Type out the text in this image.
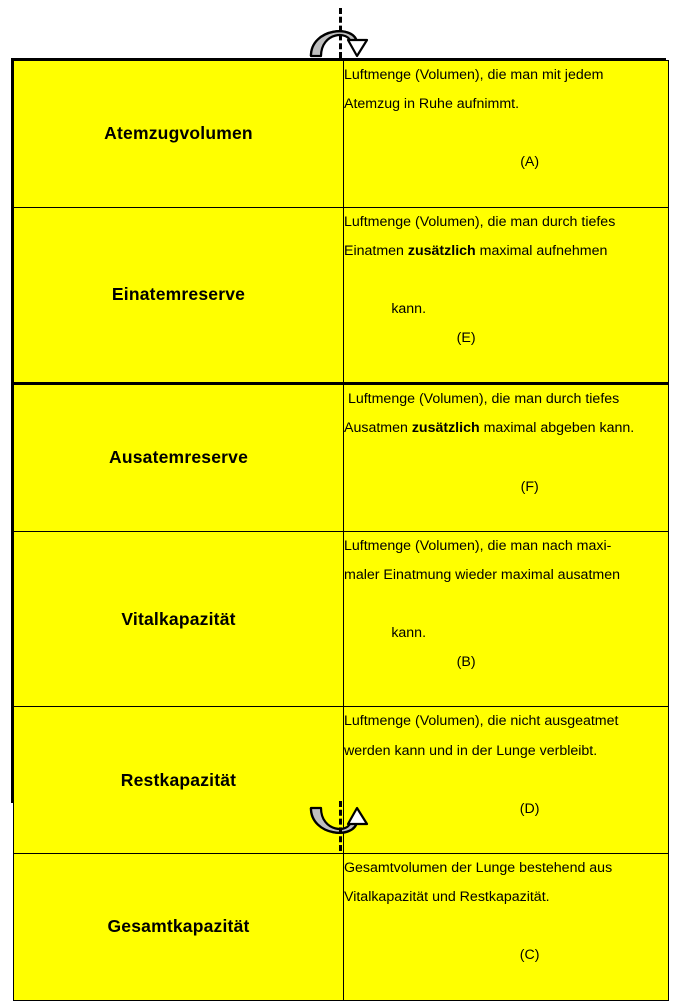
Atemzugvolumen	Luftmenge (Volumen), die man mit jedem
Atemzug in Ruhe aufnimmt.

(A)

Einatemreserve	Luftmenge (Volumen), die man durch tiefes
Einatmen zusätzlich maximal aufnehmen

kann.
(E)

Ausatemreserve	Luftmenge (Volumen), die man durch tiefes
Ausatmen zusätzlich maximal abgeben kann.

(F)

Vitalkapazität	Luftmenge (Volumen), die man nach maxi-
maler Einatmung wieder maximal ausatmen

kann.
(B)

Restkapazität	Luftmenge (Volumen), die nicht ausgeatmet
werden kann und in der Lunge verbleibt.

(D)

Gesamtkapazität	Gesamtvolumen der Lunge bestehend aus
Vitalkapazität und Restkapazität.

(C)
